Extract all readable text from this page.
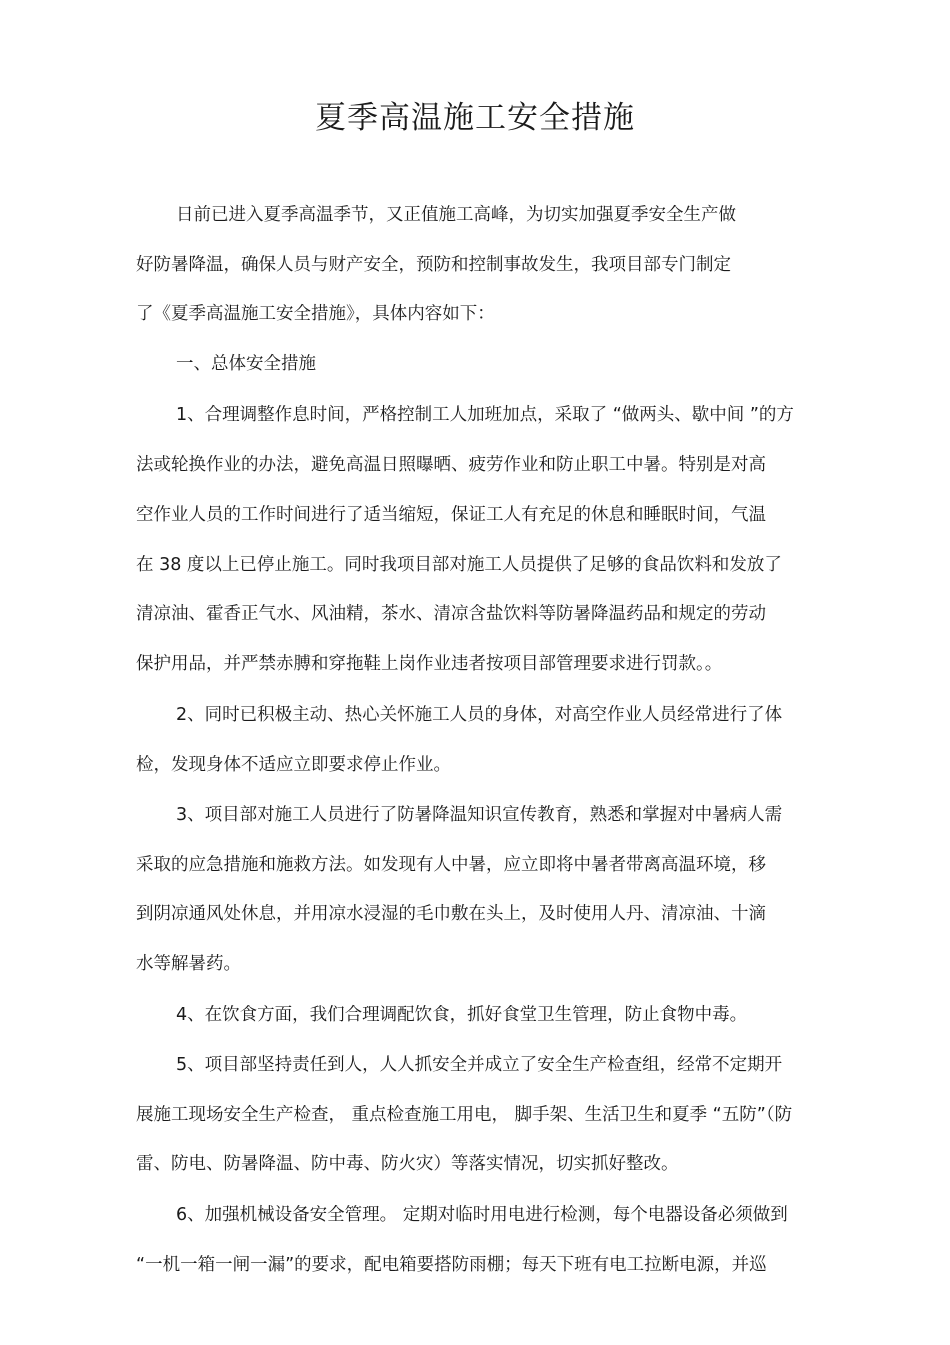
夏季高温施工安全措施
日前已进入夏季高温季节，又正值施工高峰，为切实加强夏季安全生产做
好防暑降温，确保人员与财产安全，预防和控制事故发生，我项目部专门制定
了《夏季高温施工安全措施》，具体内容如下：
一、总体安全措施
1、合理调整作息时间，严格控制工人加班加点，采取了 “做两头、歇中间 ”的方
法或轮换作业的办法，避免高温日照曝晒、疲劳作业和防止职工中暑。特别是对高
空作业人员的工作时间进行了适当缩短，保证工人有充足的休息和睡眠时间，气温
在 38 度以上已停止施工。同时我项目部对施工人员提供了足够的食品饮料和发放了
清凉油、霍香正气水、风油精，茶水、清凉含盐饮料等防暑降温药品和规定的劳动
保护用品，并严禁赤膊和穿拖鞋上岗作业违者按项目部管理要求进行罚款。。
2、同时已积极主动、热心关怀施工人员的身体，对高空作业人员经常进行了体
检，发现身体不适应立即要求停止作业。
3、项目部对施工人员进行了防暑降温知识宣传教育，熟悉和掌握对中暑病人需
采取的应急措施和施救方法。如发现有人中暑，应立即将中暑者带离高温环境，移
到阴凉通风处休息，并用凉水浸湿的毛巾敷在头上，及时使用人丹、清凉油、十滴
水等解暑药。
4、在饮食方面，我们合理调配饮食，抓好食堂卫生管理，防止食物中毒。
5、项目部坚持责任到人，人人抓安全并成立了安全生产检查组，经常不定期开
展施工现场安全生产检查， 重点检查施工用电， 脚手架、生活卫生和夏季 “五防”（防
雷、防电、防暑降温、防中毒、防火灾）等落实情况，切实抓好整改。
6、加强机械设备安全管理。 定期对临时用电进行检测，每个电器设备必须做到
“一机一箱一闸一漏”的要求，配电箱要搭防雨棚；每天下班有电工拉断电源，并巡
